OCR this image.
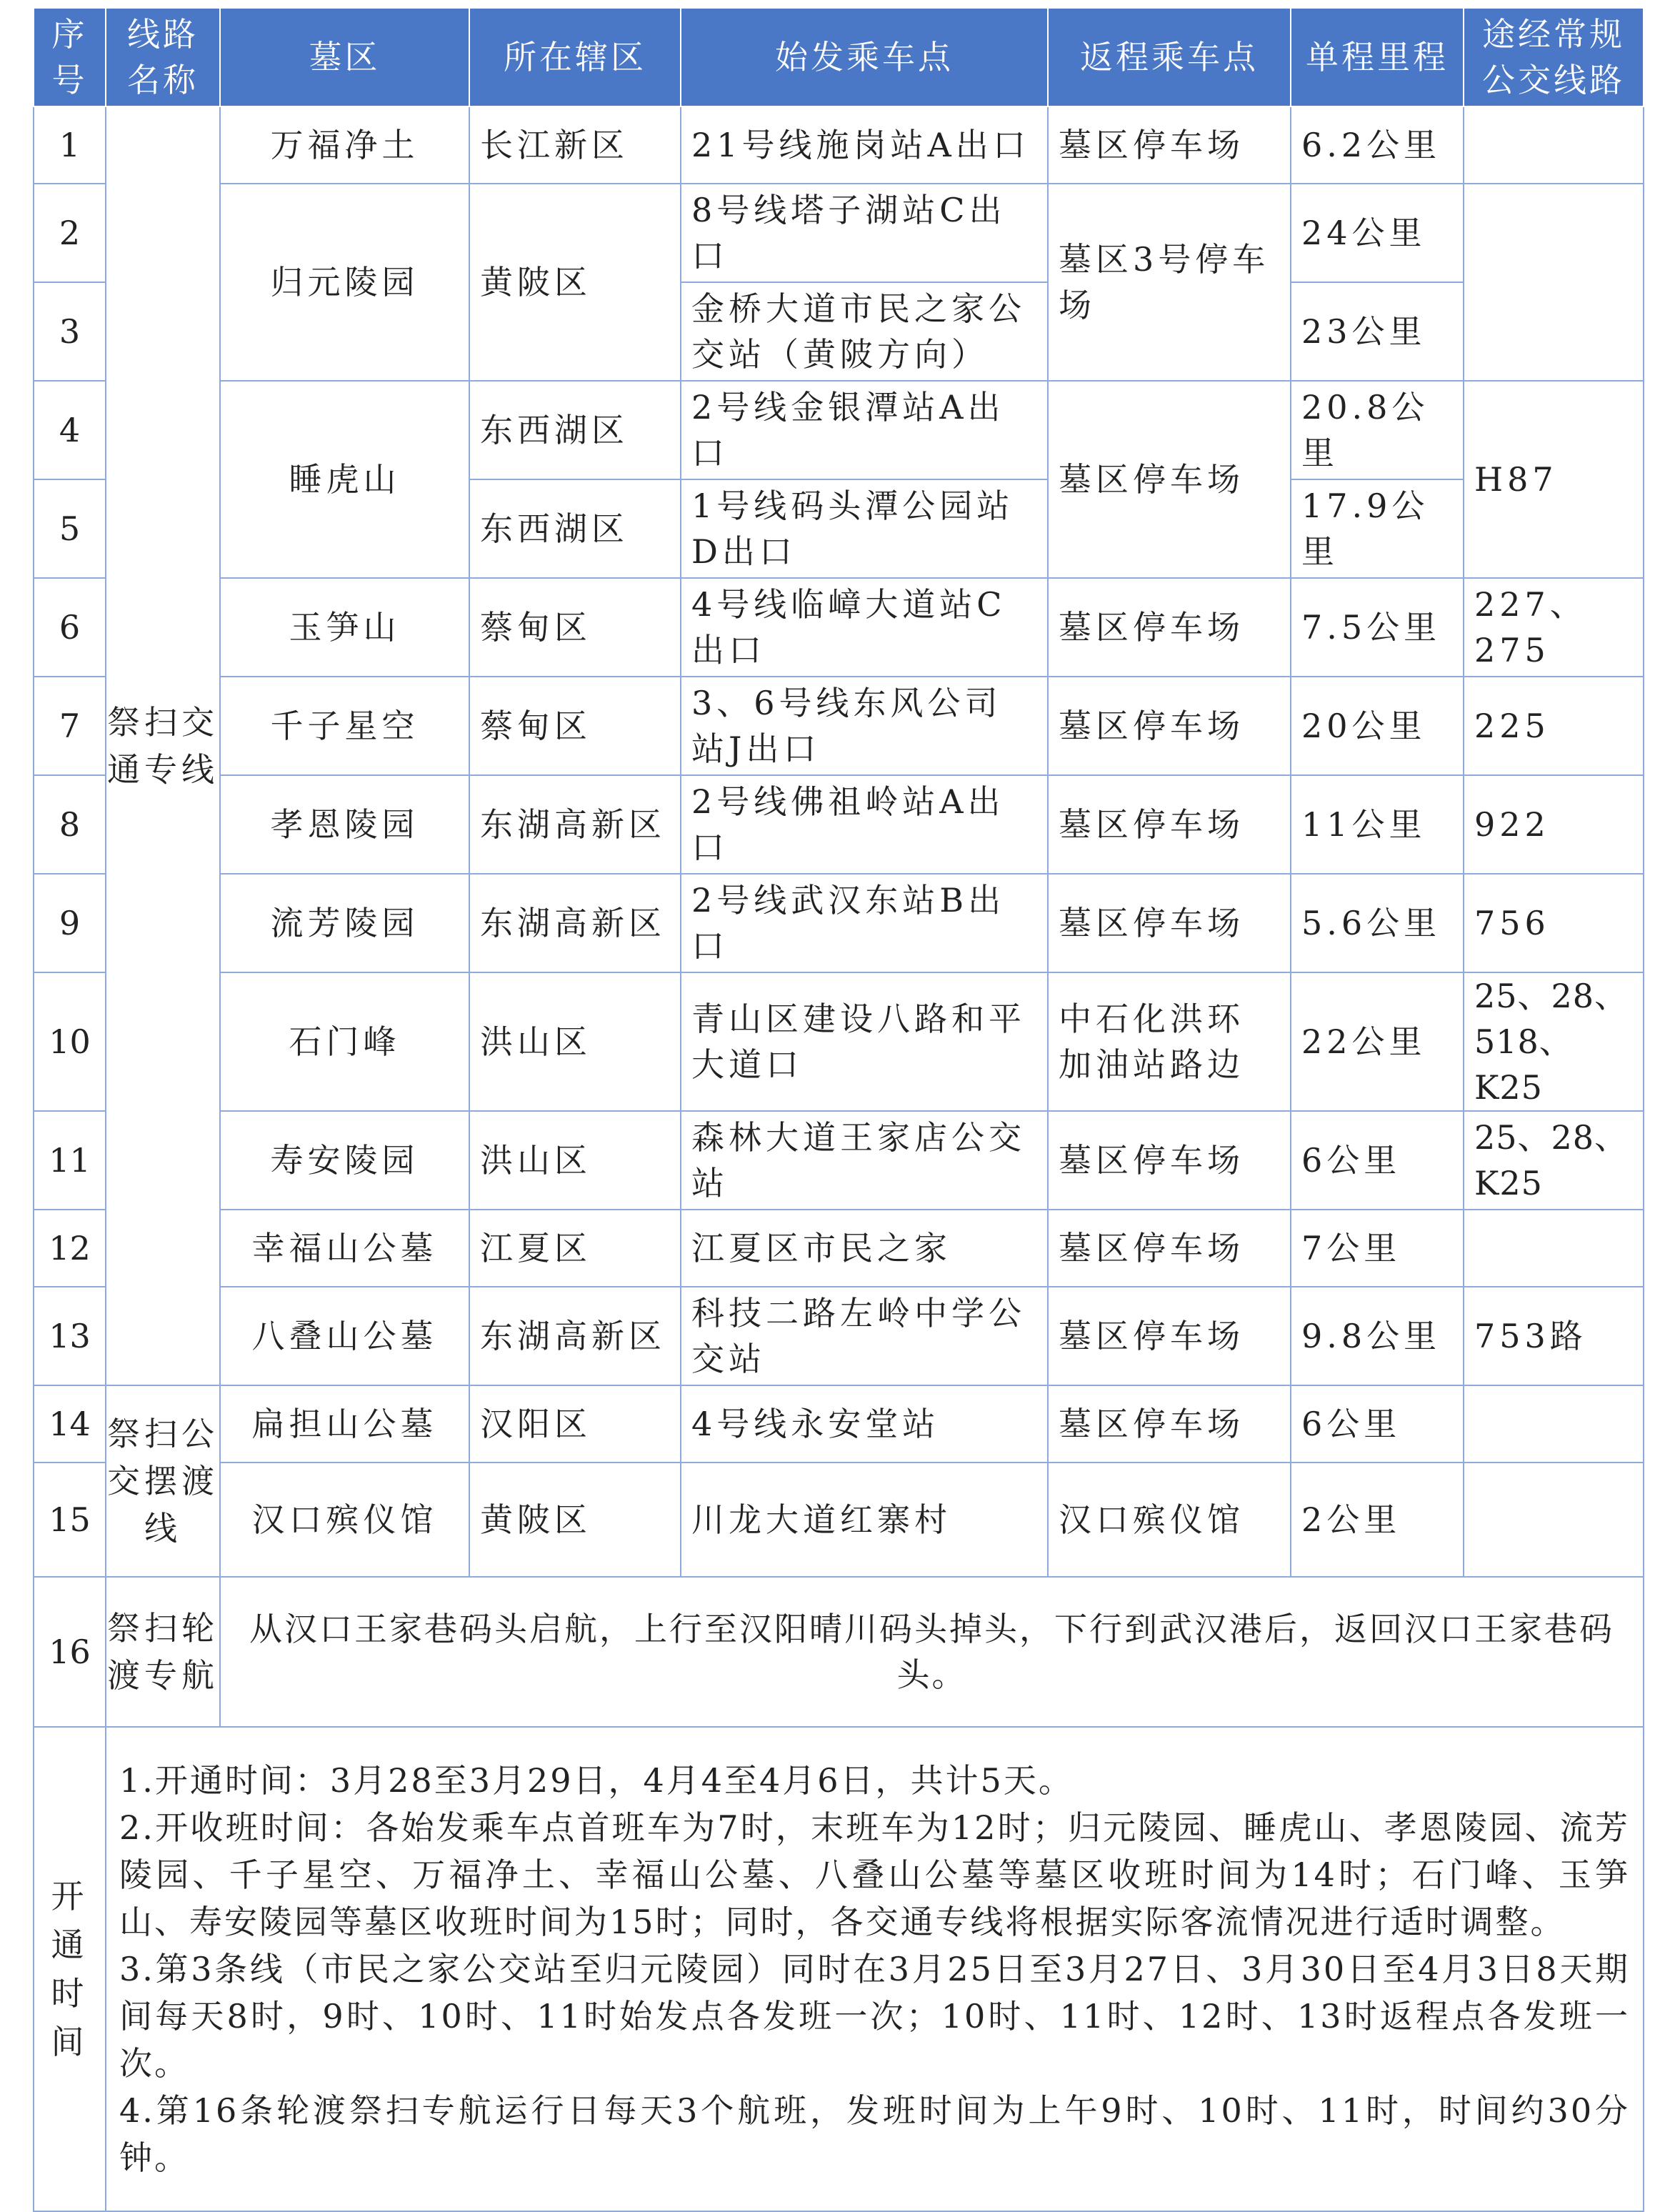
序号	线路名称	墓区	所在辖区	始发乘车点	返程乘车点	单程里程	途经常规公交线路
1	祭扫交通专线	万福净土	长江新区	21号线施岗站A出口	墓区停车场	6.2公里	
2		归元陵园	黄陂区	8号线塔子湖站C出口	墓区3号停车场	24公里	
3				金桥大道市民之家公交站（黄陂方向）		23公里	
4		睡虎山	东西湖区	2号线金银潭站A出口	墓区停车场	20.8公里	H87
5			东西湖区	1号线码头潭公园站D出口		17.9公里	
6		玉笋山	蔡甸区	4号线临嶂大道站C出口	墓区停车场	7.5公里	227、275
7		千子星空	蔡甸区	3、6号线东风公司站J出口	墓区停车场	20公里	225
8		孝恩陵园	东湖高新区	2号线佛祖岭站A出口	墓区停车场	11公里	922
9		流芳陵园	东湖高新区	2号线武汉东站B出口	墓区停车场	5.6公里	756
10		石门峰	洪山区	青山区建设八路和平大道口	中石化洪环加油站路边	22公里	25、28、518、K25
11		寿安陵园	洪山区	森林大道王家店公交站	墓区停车场	6公里	25、28、K25
12		幸福山公墓	江夏区	江夏区市民之家	墓区停车场	7公里	
13		八叠山公墓	东湖高新区	科技二路左岭中学公交站	墓区停车场	9.8公里	753路
14	祭扫公交摆渡线	扁担山公墓	汉阳区	4号线永安堂站	墓区停车场	6公里	
15		汉口殡仪馆	黄陂区	川龙大道红寨村	汉口殡仪馆	2公里	
16	祭扫轮渡专航	从汉口王家巷码头启航，上行至汉阳晴川码头掉头，下行到武汉港后，返回汉口王家巷码头。					
开通时间	1.开通时间：3月28至3月29日，4月4至4月6日，共计5天。
2.开收班时间：各始发乘车点首班车为7时，末班车为12时；归元陵园、睡虎山、孝恩陵园、流芳陵园、千子星空、万福净土、幸福山公墓、八叠山公墓等墓区收班时间为14时；石门峰、玉笋山、寿安陵园等墓区收班时间为15时；同时，各交通专线将根据实际客流情况进行适时调整。
3.第3条线（市民之家公交站至归元陵园）同时在3月25日至3月27日、3月30日至4月3日8天期间每天8时，9时、10时、11时始发点各发班一次；10时、11时、12时、13时返程点各发班一次。
4.第16条轮渡祭扫专航运行日每天3个航班，发班时间为上午9时、10时、11时，时间约30分钟。						
